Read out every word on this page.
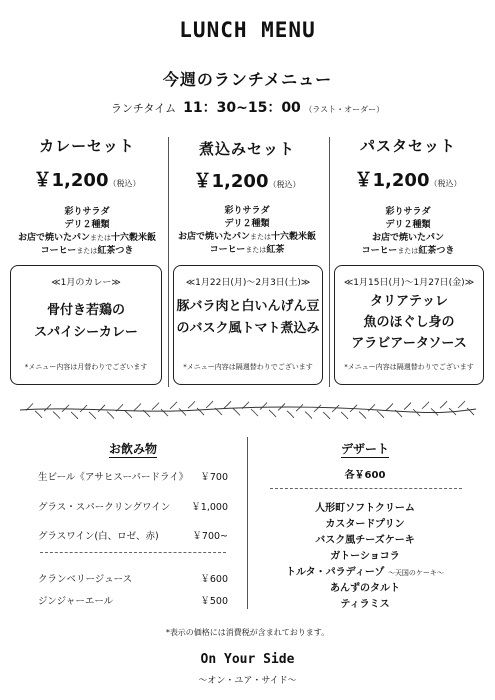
LUNCH MENU
今週のランチメニュー
ランチタイム 11：30~15：00 （ラスト・オーダー）
カレーセット
￥1,200（税込）
彩りサラダ
デリ２種類
お店で焼いたパンまたは十六穀米飯
コーヒーまたは紅茶つき
煮込みセット
￥1,200（税込）
彩りサラダ
デリ２種類
お店で焼いたパンまたは十六穀米飯
コーヒーまたは紅茶
パスタセット
￥1,200（税込）
彩りサラダ
デリ２種類
お店で焼いたパン
コーヒーまたは紅茶つき
≪1月のカレー≫
骨付き若鶏の
スパイシーカレー
*メニュー内容は月替わりでございます
≪1月22日(月)～2月3日(土)≫
豚バラ肉と白いんげん豆
のバスク風トマト煮込み
*メニュー内容は隔週替わりでございます
≪1月15日(月)～1月27日(金)≫
タリアテッレ
魚のほぐし身の
アラビアータソース
*メニュー内容は隔週替わりでございます
お飲み物
生ビール《アサヒスーパードライ》 ￥700
グラス・スパークリングワイン ￥1,000
グラスワイン(白、ロゼ、赤)	￥700~
クランベリージュース	￥600
ジンジャーエール	￥500
デザート
各￥600
人形町ソフトクリーム
カスタードプリン
バスク風チーズケーキ
ガトーショコラ
トルタ・パラディーゾ ～天国のケーキ～
あんずのタルト
ティラミス
*表示の価格には消費税が含まれております。
On Your Side
～オン・ユア・サイド～
